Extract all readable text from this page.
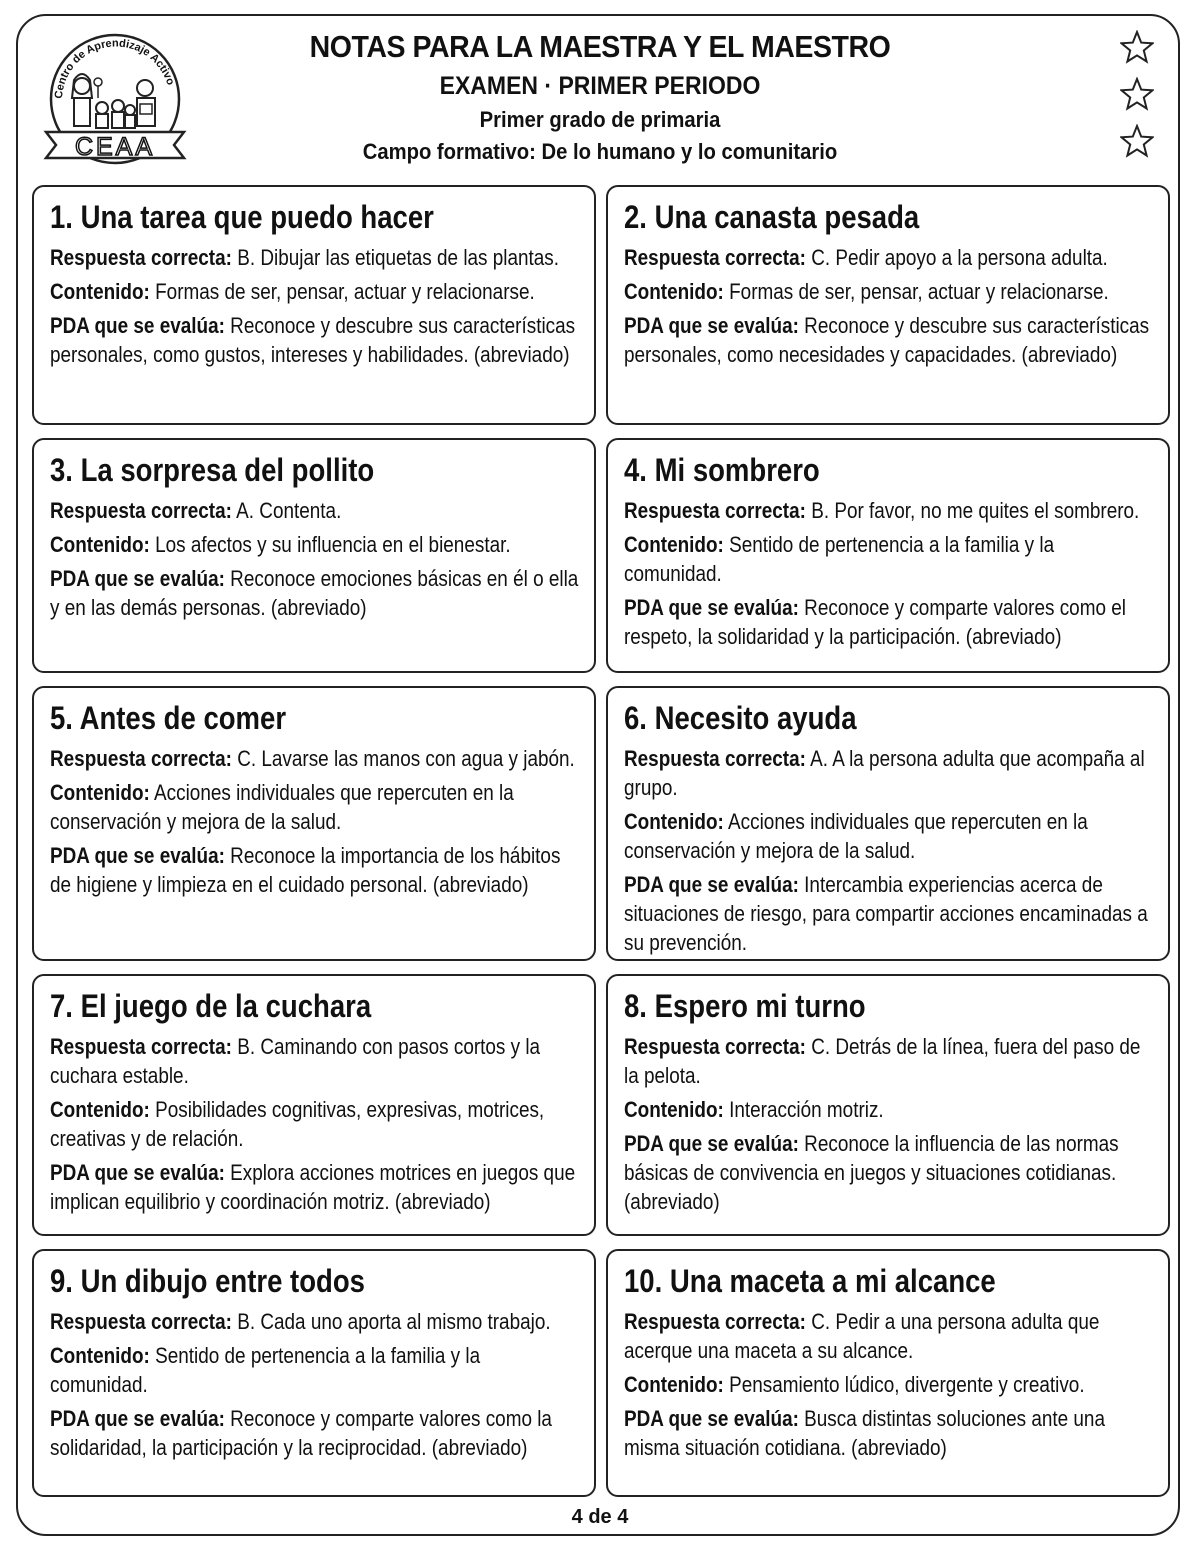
Centro de Aprendizaje Activo
CEAA
NOTAS PARA LA MAESTRA Y EL MAESTRO
EXAMEN · PRIMER PERIODO
Primer grado de primaria
Campo formativo: De lo humano y lo comunitario
1. Una tarea que puedo hacer
Respuesta correcta: B. Dibujar las etiquetas de las plantas.
Contenido: Formas de ser, pensar, actuar y relacionarse.
PDA que se evalúa: Reconoce y descubre sus características personales, como gustos, intereses y habilidades. (abreviado)
2. Una canasta pesada
Respuesta correcta: C. Pedir apoyo a la persona adulta.
Contenido: Formas de ser, pensar, actuar y relacionarse.
PDA que se evalúa: Reconoce y descubre sus características personales, como necesidades y capacidades. (abreviado)
3. La sorpresa del pollito
Respuesta correcta: A. Contenta.
Contenido: Los afectos y su influencia en el bienestar.
PDA que se evalúa: Reconoce emociones básicas en él o ella y en las demás personas. (abreviado)
4. Mi sombrero
Respuesta correcta: B. Por favor, no me quites el sombrero.
Contenido: Sentido de pertenencia a la familia y la comunidad.
PDA que se evalúa: Reconoce y comparte valores como el respeto, la solidaridad y la participación. (abreviado)
5. Antes de comer
Respuesta correcta: C. Lavarse las manos con agua y jabón.
Contenido: Acciones individuales que repercuten en la conservación y mejora de la salud.
PDA que se evalúa: Reconoce la importancia de los hábitos de higiene y limpieza en el cuidado personal. (abreviado)
6. Necesito ayuda
Respuesta correcta: A. A la persona adulta que acompaña al grupo.
Contenido: Acciones individuales que repercuten en la conservación y mejora de la salud.
PDA que se evalúa: Intercambia experiencias acerca de situaciones de riesgo, para compartir acciones encaminadas a su prevención.
7. El juego de la cuchara
Respuesta correcta: B. Caminando con pasos cortos y la cuchara estable.
Contenido: Posibilidades cognitivas, expresivas, motrices, creativas y de relación.
PDA que se evalúa: Explora acciones motrices en juegos que implican equilibrio y coordinación motriz. (abreviado)
8. Espero mi turno
Respuesta correcta: C. Detrás de la línea, fuera del paso de la pelota.
Contenido: Interacción motriz.
PDA que se evalúa: Reconoce la influencia de las normas básicas de convivencia en juegos y situaciones cotidianas. (abreviado)
9. Un dibujo entre todos
Respuesta correcta: B. Cada uno aporta al mismo trabajo.
Contenido: Sentido de pertenencia a la familia y la comunidad.
PDA que se evalúa: Reconoce y comparte valores como la solidaridad, la participación y la reciprocidad. (abreviado)
10. Una maceta a mi alcance
Respuesta correcta: C. Pedir a una persona adulta que acerque una maceta a su alcance.
Contenido: Pensamiento lúdico, divergente y creativo.
PDA que se evalúa: Busca distintas soluciones ante una misma situación cotidiana. (abreviado)
4 de 4
